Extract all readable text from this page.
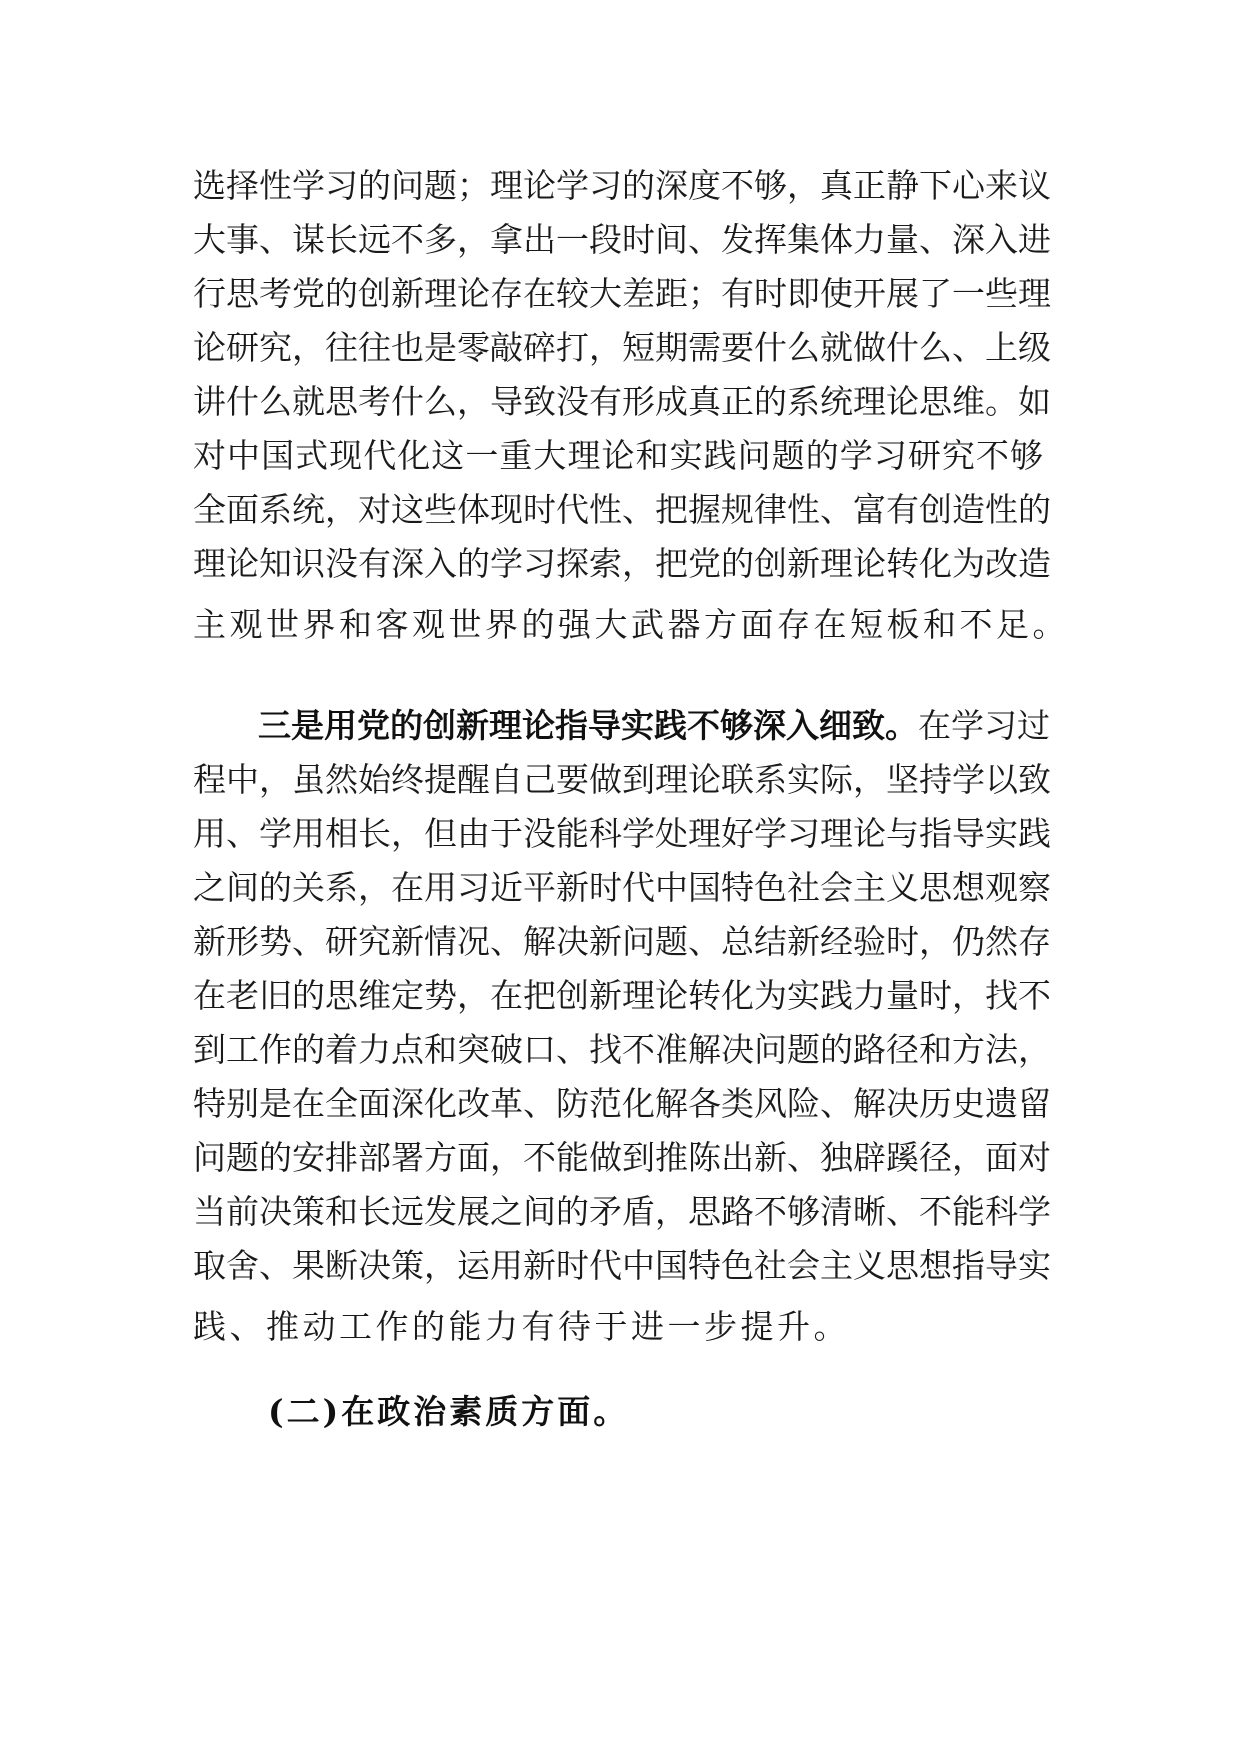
选择性学习的问题；理论学习的深度不够，真正静下心来议
大事、谋长远不多，拿出一段时间、发挥集体力量、深入进
行思考党的创新理论存在较大差距；有时即使开展了一些理
论研究，往往也是零敲碎打，短期需要什么就做什么、上级
讲什么就思考什么，导致没有形成真正的系统理论思维。如
对中国式现代化这一重大理论和实践问题的学习研究不够
全面系统，对这些体现时代性、把握规律性、富有创造性的
理论知识没有深入的学习探索，把党的创新理论转化为改造
主观世界和客观世界的强大武器方面存在短板和不足。
三是用党的创新理论指导实践不够深入细致。在学习过
程中，虽然始终提醒自己要做到理论联系实际，坚持学以致
用、学用相长，但由于没能科学处理好学习理论与指导实践
之间的关系，在用习近平新时代中国特色社会主义思想观察
新形势、研究新情况、解决新问题、总结新经验时，仍然存
在老旧的思维定势，在把创新理论转化为实践力量时，找不
到工作的着力点和突破口、找不准解决问题的路径和方法，
特别是在全面深化改革、防范化解各类风险、解决历史遗留
问题的安排部署方面，不能做到推陈出新、独辟蹊径，面对
当前决策和长远发展之间的矛盾，思路不够清晰、不能科学
取舍、果断决策，运用新时代中国特色社会主义思想指导实
践、推动工作的能力有待于进一步提升。
(二)在政治素质方面。
